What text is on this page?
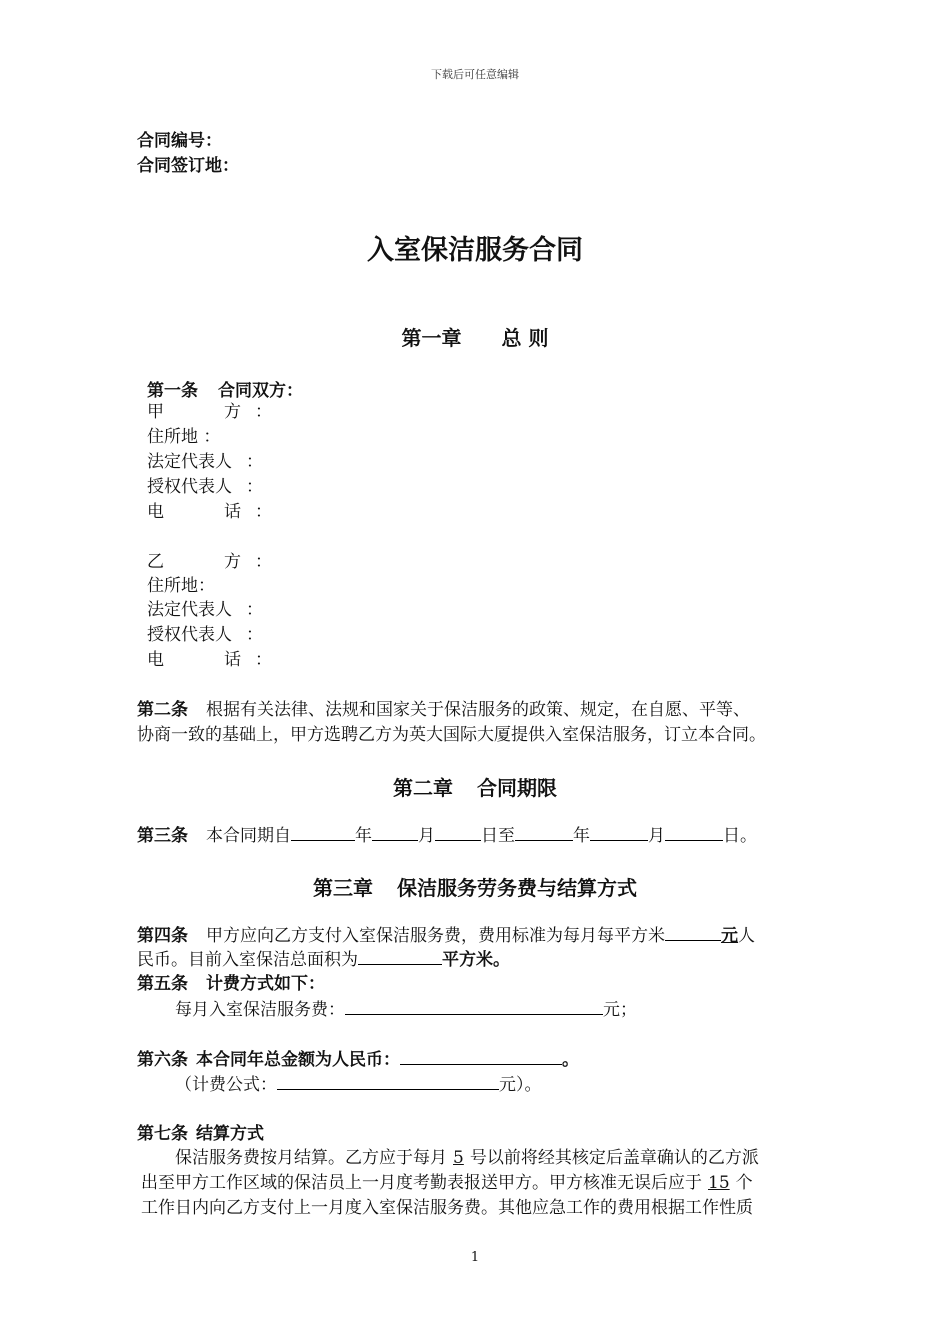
下载后可任意编辑
合同编号：
合同签订地：
入室保洁服务合同
第一章 总 则
第一条 合同双方：
甲	方 ：
住所地 ：
法定代表人 ：
授权代表人 ：
电	话 ：
乙	方 ：
住所地：
法定代表人 ：
授权代表人 ：
电	话 ：
第二条 根据有关法律、法规和国家关于保洁服务的政策、规定，在自愿、平等、
协商一致的基础上，甲方选聘乙方为英大国际大厦提供入室保洁服务，订立本合同。
第二章 合同期限
第三条 本合同期自	年	月	日至	年	月	日。
第三章 保洁服务劳务费与结算方式
第四条 甲方应向乙方支付入室保洁服务费，费用标准为每月每平方米	元人
民币。目前入室保洁总面积为	平方米。
第五条 计费方式如下：
每月入室保洁服务费：	元；
第六条 本合同年总金额为人民币：	。
（计费公式：	元）。
第七条 结算方式
保洁服务费按月结算。乙方应于每月 5 号以前将经其核定后盖章确认的乙方派
出至甲方工作区域的保洁员上一月度考勤表报送甲方。甲方核准无误后应于 15 个
工作日内向乙方支付上一月度入室保洁服务费。其他应急工作的费用根据工作性质
1
